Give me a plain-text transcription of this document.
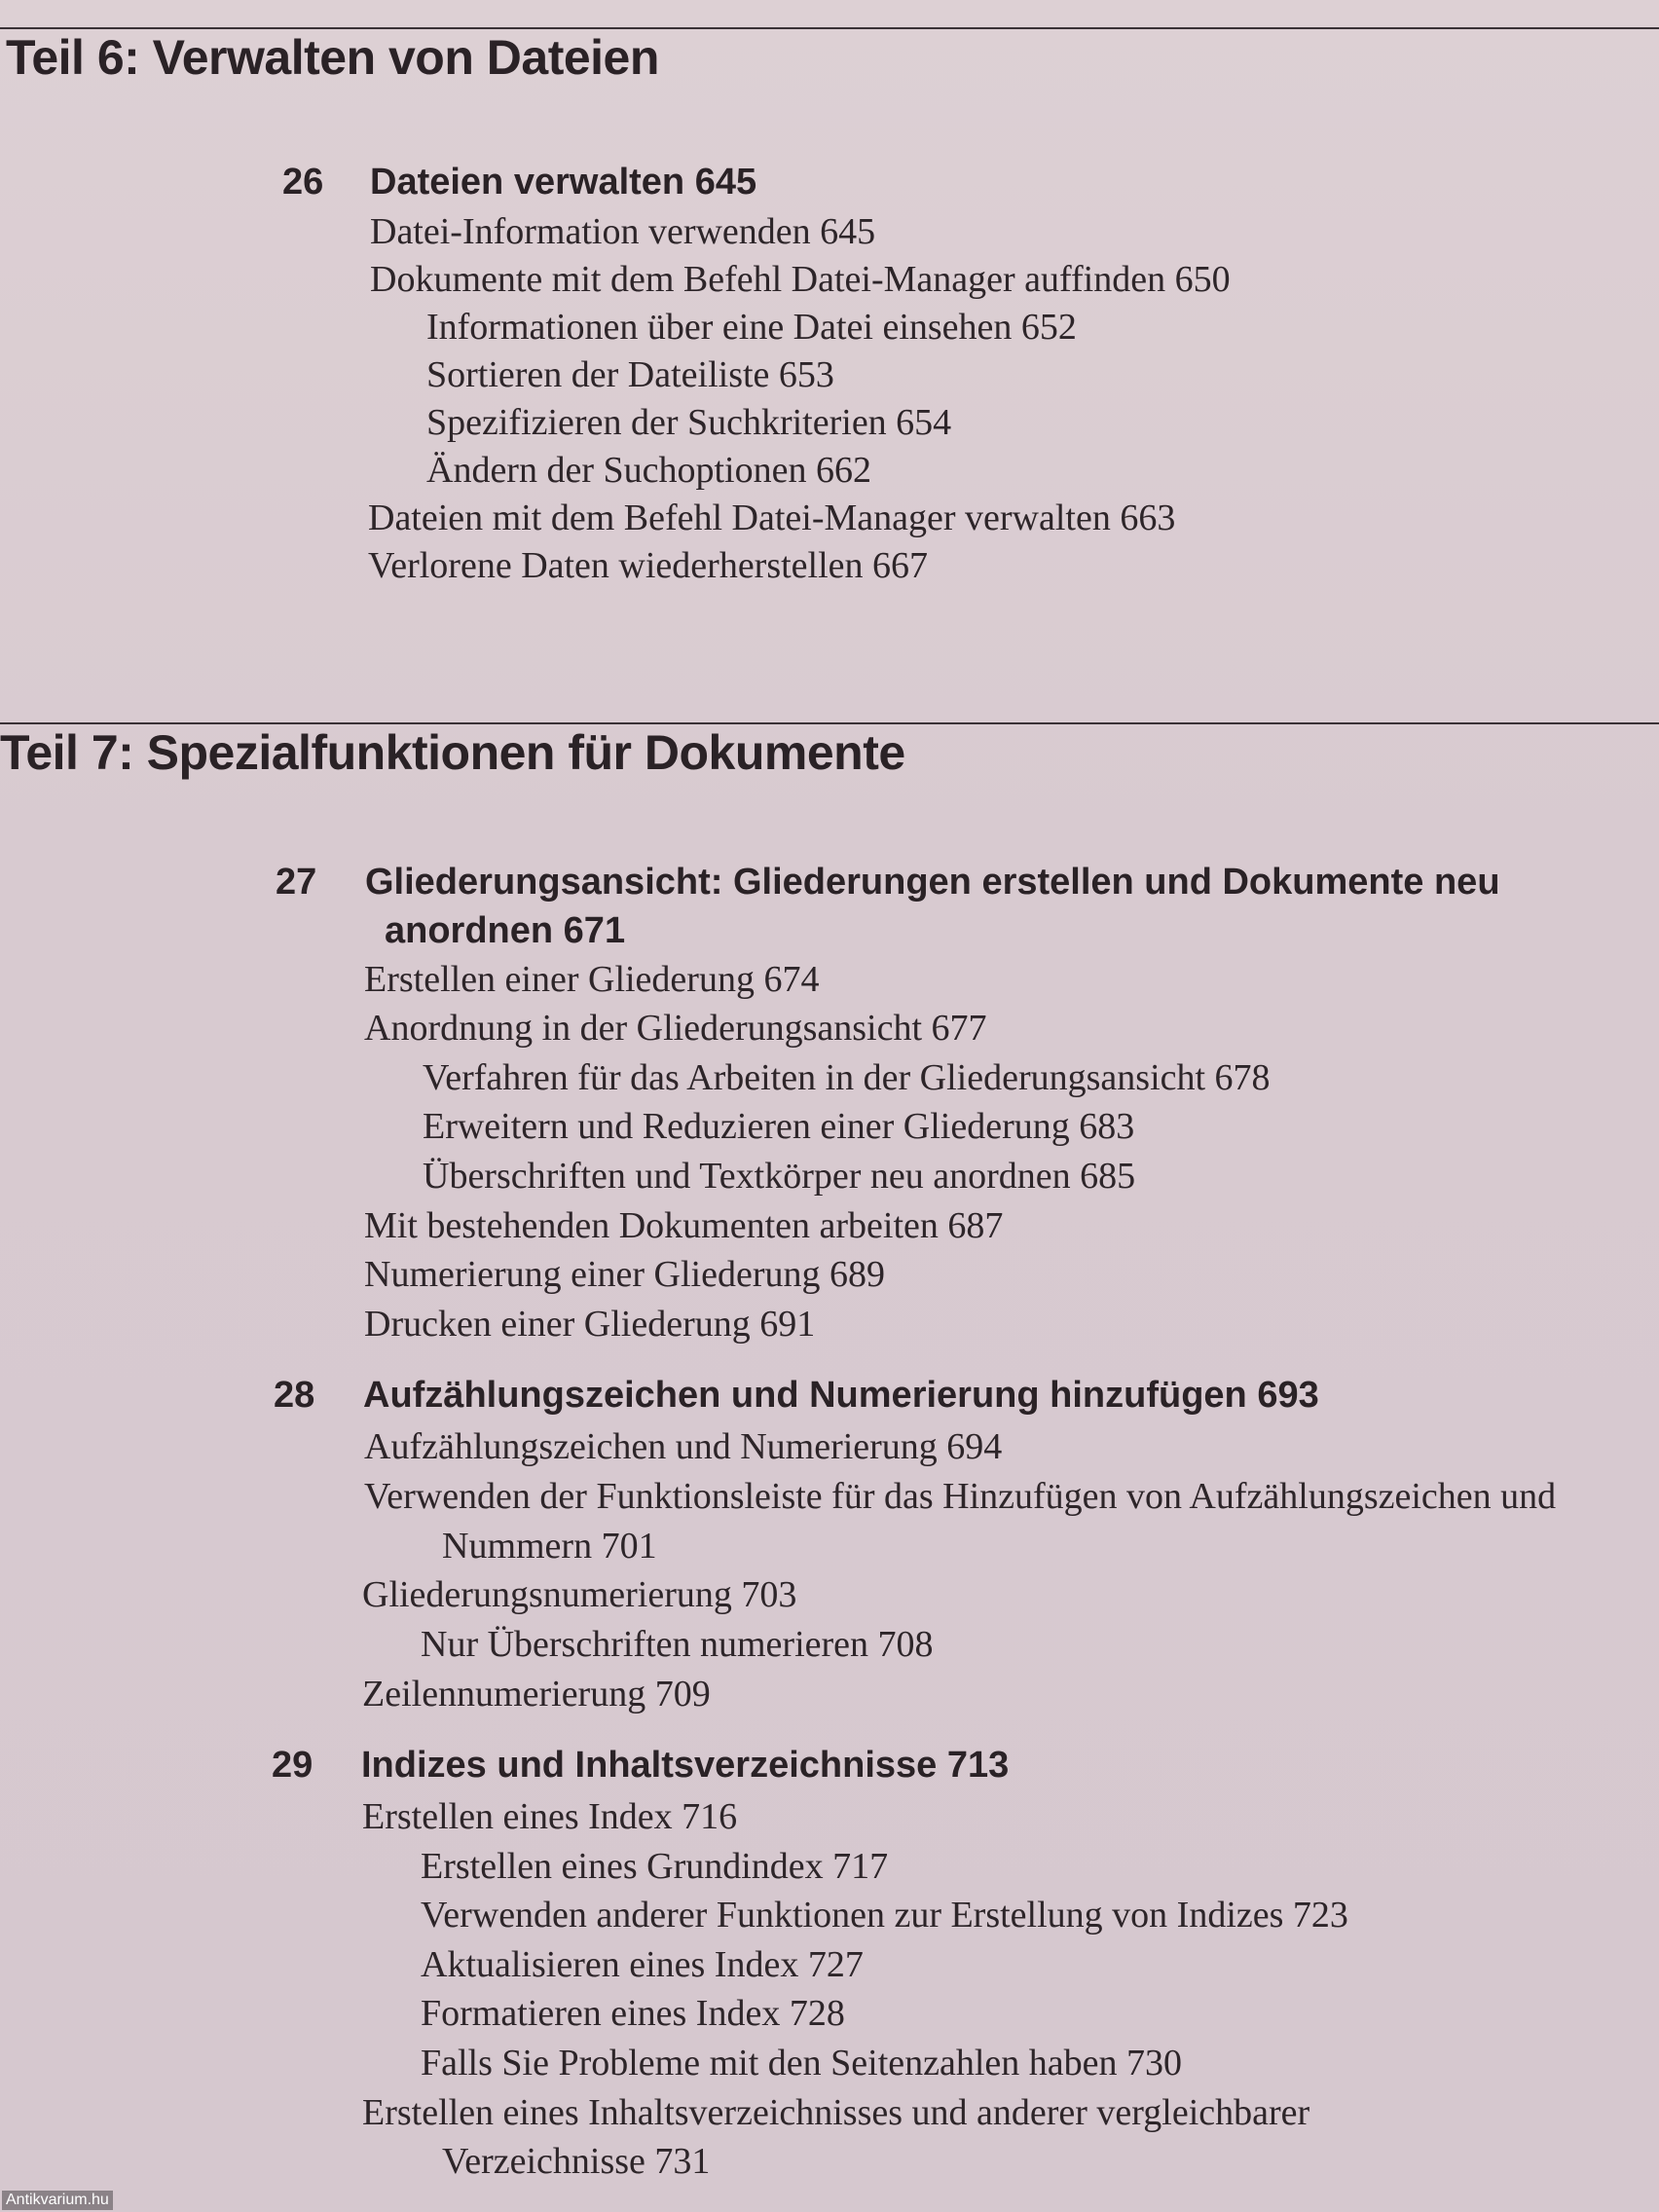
Teil 6: Verwalten von Dateien
26 Dateien verwalten 645
Datei-Information verwenden 645
Dokumente mit dem Befehl Datei-Manager auffinden 650
Informationen über eine Datei einsehen 652
Sortieren der Dateiliste 653
Spezifizieren der Suchkriterien 654
Ändern der Suchoptionen 662
Dateien mit dem Befehl Datei-Manager verwalten 663
Verlorene Daten wiederherstellen 667
Teil 7: Spezialfunktionen für Dokumente
27 Gliederungsansicht: Gliederungen erstellen und Dokumente neu
anordnen 671
Erstellen einer Gliederung 674
Anordnung in der Gliederungsansicht 677
Verfahren für das Arbeiten in der Gliederungsansicht 678
Erweitern und Reduzieren einer Gliederung 683
Überschriften und Textkörper neu anordnen 685
Mit bestehenden Dokumenten arbeiten 687
Numerierung einer Gliederung 689
Drucken einer Gliederung 691
28 Aufzählungszeichen und Numerierung hinzufügen 693
Aufzählungszeichen und Numerierung 694
Verwenden der Funktionsleiste für das Hinzufügen von Aufzählungszeichen und
Nummern 701
Gliederungsnumerierung 703
Nur Überschriften numerieren 708
Zeilennumerierung 709
29 Indizes und Inhaltsverzeichnisse 713
Erstellen eines Index 716
Erstellen eines Grundindex 717
Verwenden anderer Funktionen zur Erstellung von Indizes 723
Aktualisieren eines Index 727
Formatieren eines Index 728
Falls Sie Probleme mit den Seitenzahlen haben 730
Erstellen eines Inhaltsverzeichnisses und anderer vergleichbarer
Verzeichnisse 731
Antikvarium.hu
